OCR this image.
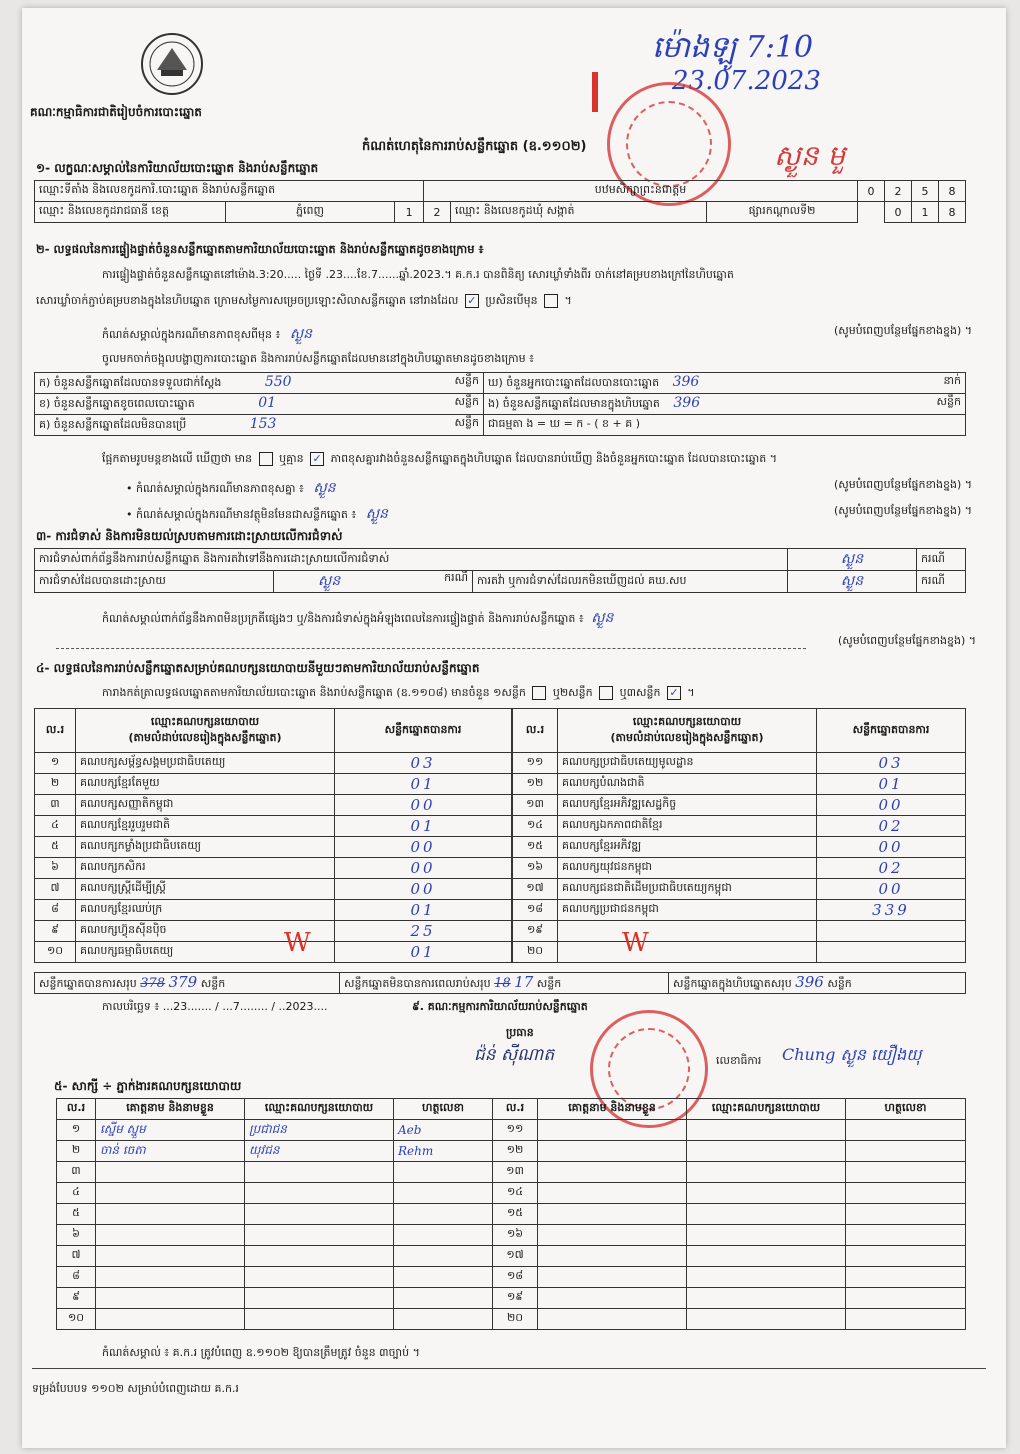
គណៈកម្មាធិការជាតិរៀបចំការបោះឆ្នោត
ម៉ោងឡូ 7:10
23.07.2023
ស្ងួន មួ
កំណត់ហេតុនៃការរាប់សន្លឹកឆ្នោត (ឧ.១១០២)
១- លក្ខណៈសម្គាល់នៃការិយាល័យបោះឆ្នោត និងរាប់សន្លឹកឆ្នោត
ឈ្មោះទីតាំង និងលេខកូដការិ.បោះឆ្នោត និងរាប់សន្លឹកឆ្នោត			បឋមសិក្សាព្រះនរោត្តម			0	2	5	8
ឈ្មោះ និងលេខកូដរាជធានី ខេត្ត	ភ្នំពេញ	1	2	ឈ្មោះ និងលេខកូដឃុំ សង្កាត់	ផ្សារកណ្តាលទី២		0	1	8
២- លទ្ធផលនៃការផ្ទៀងផ្ទាត់ចំនួនសន្លឹកឆ្នោតតាមការិយាល័យបោះឆ្នោត និងរាប់សន្លឹកឆ្នោតដូចខាងក្រោម ៖
ការផ្ទៀងផ្ទាត់ចំនួនសន្លឹកឆ្នោតនៅម៉ោង.3:20..... ថ្ងៃទី .23....ខែ.7......ឆ្នាំ.2023.។ គ.ក.រ បានពិនិត្យ សោរឃ្លាំទាំងពីរ ចាក់នៅគម្របខាងក្រៅនៃហិបឆ្នោត
សោរឃ្លាំចាក់ភ្ជាប់គម្របខាងក្នុងនៃហិបឆ្នោត ក្រោមសម្ងៃការសម្រេចប្រឡោះសិលាសន្លឹកឆ្នោត នៅរាងដែល ✓ ប្រសិនបើមុន  ។
កំណត់សម្គាល់ក្នុងករណីមានភាពខុសពីមុន ៖ ស្ងួន	(សូមបំពេញបន្ថែមផ្នែកខាងខ្នង) ។
ចូលមកចាក់ចង្អុលបង្ហាញការបោះឆ្នោត និងការរាប់សន្លឹកឆ្នោតដែលមាននៅក្នុងហិបឆ្នោតមានដូចខាងក្រោម ៖
ក) ចំនួនសន្លឹកឆ្នោតដែលបានទទួលជាក់ស្តែង 550 សន្លឹក	ឃ) ចំនួនអ្នកបោះឆ្នោតដែលបានបោះឆ្នោត 396 នាក់

ខ) ចំនួនសន្លឹកឆ្នោតខូចពេលបោះឆ្នោត 01 សន្លឹក	ង) ចំនួនសន្លឹកឆ្នោតដែលមានក្នុងហិបឆ្នោត 396 សន្លឹក

គ) ចំនួនសន្លឹកឆ្នោតដែលមិនបានប្រើ 153 សន្លឹក	ជាធម្មតា ង = ឃ = ក - ( ខ + គ )
ផ្អែកតាមរូបមន្តខាងលើ ឃើញថា មាន ឬគ្មាន ✓ ភាពខុសគ្នារវាងចំនួនសន្លឹកឆ្នោតក្នុងហិបឆ្នោត ដែលបានរាប់ឃើញ និងចំនួនអ្នកបោះឆ្នោត ដែលបានបោះឆ្នោត ។
• កំណត់សម្គាល់ក្នុងករណីមានភាពខុសគ្នា ៖ ស្ងួន	(សូមបំពេញបន្ថែមផ្នែកខាងខ្នង) ។
• កំណត់សម្គាល់ក្នុងករណីមានវត្ថុមិនមែនជាសន្លឹកឆ្នោត ៖ ស្ងួន	(សូមបំពេញបន្ថែមផ្នែកខាងខ្នង) ។
៣- ការជំទាស់ និងការមិនយល់ស្របតាមការដោះស្រាយលើការជំទាស់
ការជំទាស់ពាក់ព័ន្ធនឹងការរាប់សន្លឹកឆ្នោត និងការតវ៉ាទៅនឹងការដោះស្រាយលើការជំទាស់			ស្ងួន	ករណី
ការជំទាស់ដែលបានដោះស្រាយ	ស្ងួន ករណី	ការតវ៉ា ឬការជំទាស់ដែលរកមិនឃើញដល់ គឃ.សប	ស្ងួន	ករណី
កំណត់សម្គាល់ពាក់ព័ន្ធនឹងភាពមិនប្រក្រតីផ្សេងៗ ឬ/និងការជំទាស់ក្នុងអំឡុងពេលនៃការផ្ទៀងផ្ទាត់ និងការរាប់សន្លឹកឆ្នោត ៖ ស្ងួន
(សូមបំពេញបន្ថែមផ្នែកខាងខ្នង) ។
៤- លទ្ធផលនៃការរាប់សន្លឹកឆ្នោតសម្រាប់គណបក្សនយោបាយនីមួយៗតាមការិយាល័យរាប់សន្លឹកឆ្នោត
ការាងកត់ត្រាលទ្ធផលឆ្នោតតាមការិយាល័យបោះឆ្នោត និងរាប់សន្លឹកឆ្នោត (ឧ.១១០៨) មានចំនួន ១សន្លឹក ឬ២សន្លឹក ឬ៣សន្លឹក ✓ ។
ល.រ	ឈ្មោះគណបក្សនយោបាយ
(តាមលំដាប់លេខរៀងក្នុងសន្លឹកឆ្នោត)	សន្លឹកឆ្នោតបានការ
១	គណបក្សសម្ព័ន្ធសង្គមប្រជាធិបតេយ្យ	03
២	គណបក្សខ្មែរតែមួយ	01
៣	គណបក្សសញ្ញាតិកម្ពុជា	00
៤	គណបក្សខ្មែររួបរួមជាតិ	01
៥	គណបក្សកម្លាំងប្រជាធិបតេយ្យ	00
៦	គណបក្សកសិករ	00
៧	គណបក្សស្ត្រីដើម្បីស្ត្រី	00
៨	គណបក្សខ្មែរឈប់ក្រ	01
៩	គណបក្សហ៊្វុនស៊ីនប៉ិច	25
១០	គណបក្សធម្មាធិបតេយ្យ	01
ល.រ	ឈ្មោះគណបក្សនយោបាយ
(តាមលំដាប់លេខរៀងក្នុងសន្លឹកឆ្នោត)	សន្លឹកឆ្នោតបានការ
១១	គណបក្សប្រជាធិបតេយ្យមូលដ្ឋាន	03
១២	គណបក្សបំណងជាតិ	01
១៣	គណបក្សខ្មែរអភិវឌ្ឍសេដ្ឋកិច្ច	00
១៤	គណបក្សឯកភាពជាតិខ្មែរ	02
១៥	គណបក្សខ្មែរអភិវឌ្ឍ	00
១៦	គណបក្សយុវជនកម្ពុជា	02
១៧	គណបក្សជនជាតិដើមប្រជាធិបតេយ្យកម្ពុជា	00
១៨	គណបក្សប្រជាជនកម្ពុជា	339
១៩		
២០		
សន្លឹកឆ្នោតបានការសរុប 378 379 សន្លឹក	សន្លឹកឆ្នោតមិនបានការពេលរាប់សរុប 18 17 សន្លឹក	សន្លឹកឆ្នោតក្នុងហិបឆ្នោតសរុប 396 សន្លឹក
W	W
កាលបរិច្ឆេទ ៖ ...23....... / ...7........ / ..2023....	៩. គណៈកម្មការការិយាល័យរាប់សន្លឹកឆ្នោត
ប្រធាន
ជ៉ន់ ស៊ីណាត	លេខាធិការ Chung ស្ងួន យឿងយុ
៥- សាក្សី ÷ ភ្នាក់ងារគណបក្សនយោបាយ
ល.រ	គោត្តនាម និងនាមខ្លួន	ឈ្មោះគណបក្សនយោបាយ	ហត្ថលេខា	ល.រ	គោត្តនាម និងនាមខ្លួន	ឈ្មោះគណបក្សនយោបាយ	ហត្ថលេខា
១	ស្នើម ស្នួម	ប្រជាជន	Aeb	១១			
២	ចាន់ ចេតា	យុវជន	Rehm	១២			
៣				១៣			
៤				១៤			
៥				១៥			
៦				១៦			
៧				១៧			
៨				១៨			
៩				១៩			
១០				២០			
កំណត់សម្គាល់ ៖ គ.ក.រ ត្រូវបំពេញ ឧ.១១០២ ឱ្យបានត្រឹមត្រូវ ចំនួន ៣ច្បាប់ ។
ទម្រង់បែបបទ ១១០២ សម្រាប់បំពេញដោយ គ.ក.រ
